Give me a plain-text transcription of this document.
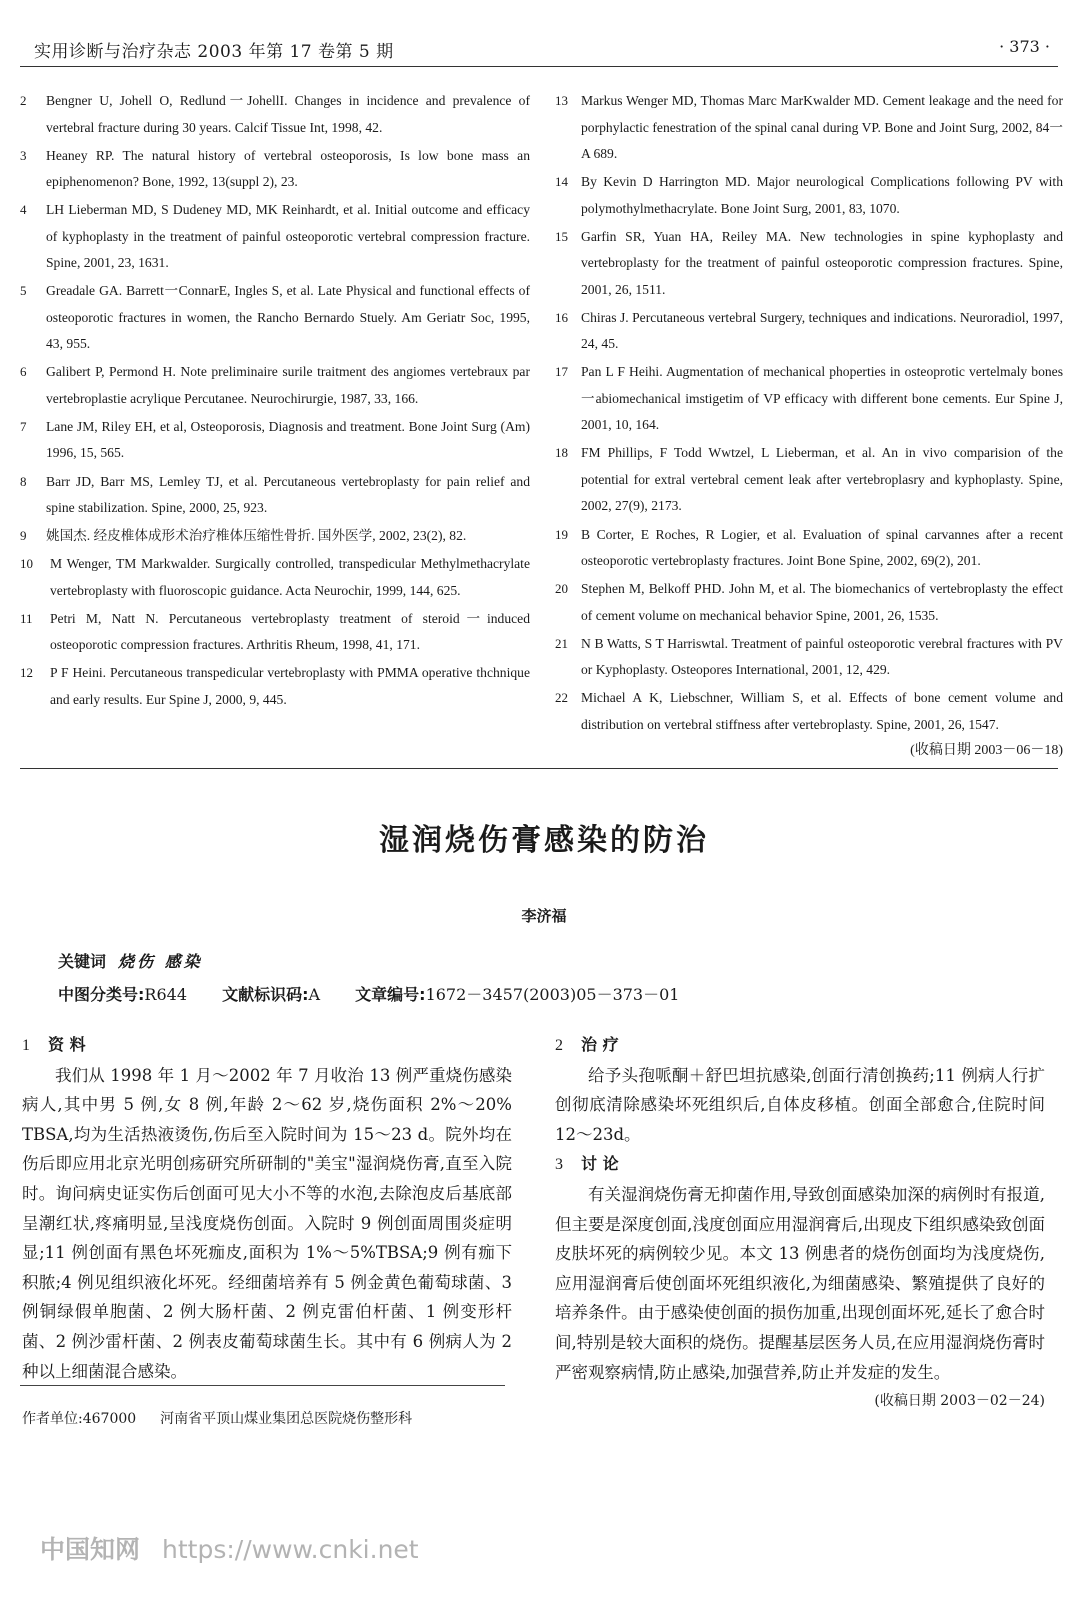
实用诊断与治疗杂志 2003 年第 17 卷第 5 期	· 373 ·
2	Bengner U, Johell O, Redlund一JohellI. Changes in incidence and prevalence of vertebral fracture during 30 years. Calcif Tissue Int, 1998, 42.
3	Heaney RP. The natural history of vertebral osteoporosis, Is low bone mass an epiphenomenon? Bone, 1992, 13(suppl 2), 23.
4	LH Lieberman MD, S Dudeney MD, MK Reinhardt, et al. Initial outcome and efficacy of kyphoplasty in the treatment of painful osteoporotic vertebral compression fracture. Spine, 2001, 23, 1631.
5	Greadale GA. Barrett一ConnarE, Ingles S, et al. Late Physical and functional effects of osteoporotic fractures in women, the Rancho Bernardo Stuely. Am Geriatr Soc, 1995, 43, 955.
6	Galibert P, Permond H. Note preliminaire surile traitment des angiomes vertebraux par vertebroplastie acrylique Percutanee. Neurochirurgie, 1987, 33, 166.
7	Lane JM, Riley EH, et al, Osteoporosis, Diagnosis and treatment. Bone Joint Surg (Am) 1996, 15, 565.
8	Barr JD, Barr MS, Lemley TJ, et al. Percutaneous vertebroplasty for pain relief and spine stabilization. Spine, 2000, 25, 923.
9	姚国杰. 经皮椎体成形术治疗椎体压缩性骨折. 国外医学, 2002, 23(2), 82.
10	M Wenger, TM Markwalder. Surgically controlled, transpedicular Methylmethacrylate vertebroplasty with fluoroscopic guidance. Acta Neurochir, 1999, 144, 625.
11	Petri M, Natt N. Percutaneous vertebroplasty treatment of steroid一induced osteoporotic compression fractures. Arthritis Rheum, 1998, 41, 171.
12	P F Heini. Percutaneous transpedicular vertebroplasty with PMMA operative thchnique and early results. Eur Spine J, 2000, 9, 445.
13 Markus Wenger MD, Thomas Marc MarKwalder MD. Cement leakage and the need for porphylactic fenestration of the spinal canal during VP. Bone and Joint Surg, 2002, 84一A 689.
14 By Kevin D Harrington MD. Major neurological Complications following PV with polymothylmethacrylate. Bone Joint Surg, 2001, 83, 1070.
15 Garfin SR, Yuan HA, Reiley MA. New technologies in spine kyphoplasty and vertebroplasty for the treatment of painful osteoporotic compression fractures. Spine, 2001, 26, 1511.
16 Chiras J. Percutaneous vertebral Surgery, techniques and indications. Neuroradiol, 1997, 24, 45.
17 Pan L F Heihi. Augmentation of mechanical phoperties in osteoprotic vertelmaly bones一abiomechanical imstigetim of VP efficacy with different bone cements. Eur Spine J, 2001, 10, 164.
18 FM Phillips, F Todd Wwtzel, L Lieberman, et al. An in vivo comparision of the potential for extral vertebral cement leak after vertebroplasry and kyphoplasty. Spine, 2002, 27(9), 2173.
19 B Corter, E Roches, R Logier, et al. Evaluation of spinal carvannes after a recent osteoporotic vertebroplasty fractures. Joint Bone Spine, 2002, 69(2), 201.
20 Stephen M, Belkoff PHD. John M, et al. The biomechanics of vertebroplasty the effect of cement volume on mechanical behavior Spine, 2001, 26, 1535.
21 N B Watts, S T Harriswtal. Treatment of painful osteoporotic verebral fractures with PV or Kyphoplasty. Osteopores International, 2001, 12, 429.
22 Michael A K, Liebschner, William S, et al. Effects of bone cement volume and distribution on vertebral stiffness after vertebroplasty. Spine, 2001, 26, 1547.
(收稿日期 2003－06－18)
湿润烧伤膏感染的防治
李济福
关键词 烧伤 感染
中图分类号:R644 文献标识码:A 文章编号:1672－3457(2003)05－373－01
1 资 料

我们从 1998 年 1 月～2002 年 7 月收治 13 例严重烧伤感染病人,其中男 5 例,女 8 例,年龄 2～62 岁,烧伤面积 2%～20% TBSA,均为生活热液烫伤,伤后至入院时间为 15～23 d。院外均在伤后即应用北京光明创疡研究所研制的"美宝"湿润烧伤膏,直至入院时。询问病史证实伤后创面可见大小不等的水泡,去除泡皮后基底部呈潮红状,疼痛明显,呈浅度烧伤创面。入院时 9 例创面周围炎症明显;11 例创面有黑色坏死痂皮,面积为 1%～5%TBSA;9 例有痂下积脓;4 例见组织液化坏死。经细菌培养有 5 例金黄色葡萄球菌、3 例铜绿假单胞菌、2 例大肠杆菌、2 例克雷伯杆菌、1 例变形杆菌、2 例沙雷杆菌、2 例表皮葡萄球菌生长。其中有 6 例病人为 2 种以上细菌混合感染。

2 治 疗

给予头孢哌酮＋舒巴坦抗感染,创面行清创换药;11 例病人行扩创彻底清除感染坏死组织后,自体皮移植。创面全部愈合,住院时间 12～23d。

3 讨 论

有关湿润烧伤膏无抑菌作用,导致创面感染加深的病例时有报道,但主要是深度创面,浅度创面应用湿润膏后,出现皮下组织感染致创面皮肤坏死的病例较少见。本文 13 例患者的烧伤创面均为浅度烧伤,应用湿润膏后使创面坏死组织液化,为细菌感染、繁殖提供了良好的培养条件。由于感染使创面的损伤加重,出现创面坏死,延长了愈合时间,特别是较大面积的烧伤。提醒基层医务人员,在应用湿润烧伤膏时严密观察病情,防止感染,加强营养,防止并发症的发生。

(收稿日期 2003－02－24)
作者单位:467000 河南省平顶山煤业集团总医院烧伤整形科
中国知网 https://www.cnki.net
